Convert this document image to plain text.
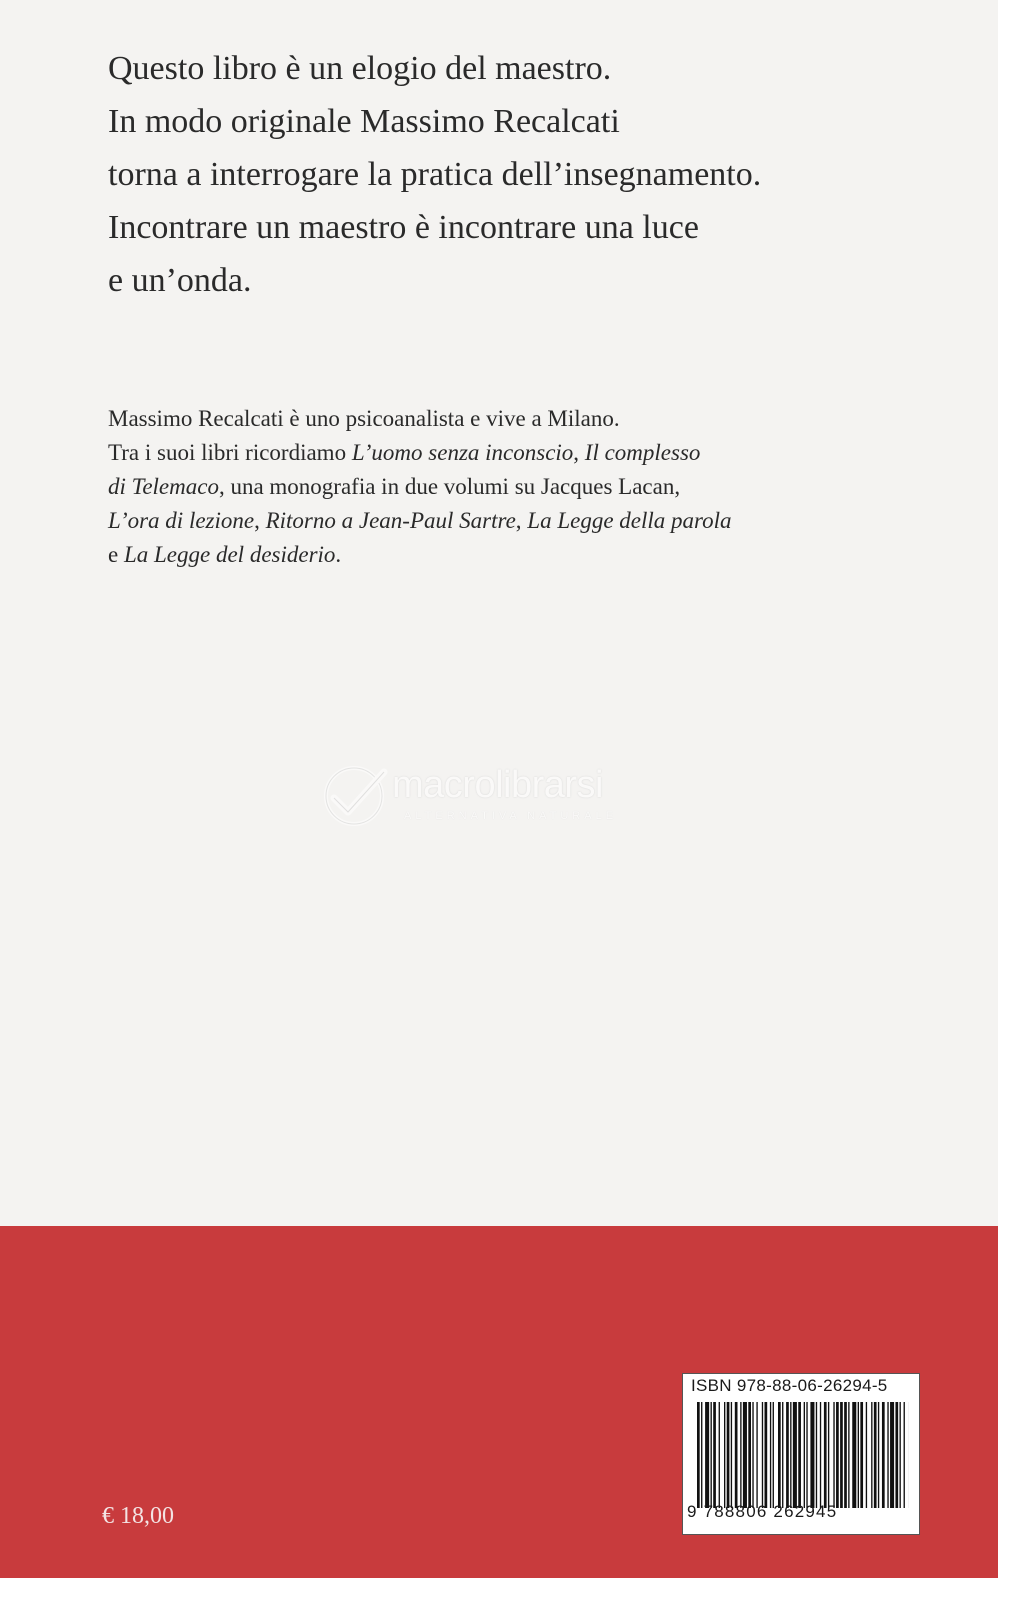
Questo libro è un elogio del maestro.
In modo originale Massimo Recalcati
torna a interrogare la pratica dell’insegnamento.
Incontrare un maestro è incontrare una luce
e un’onda.
Massimo Recalcati è uno psicoanalista e vive a Milano.
Tra i suoi libri ricordiamo L’uomo senza inconscio, Il complesso
di Telemaco, una monografia in due volumi su Jacques Lacan,
L’ora di lezione, Ritorno a Jean-Paul Sartre, La Legge della parola
e La Legge del desiderio.
macrolibrarsi
ALTERNATIVA NATURALE
€ 18,00
ISBN 978-88-06-26294-5
9 788806 262945
